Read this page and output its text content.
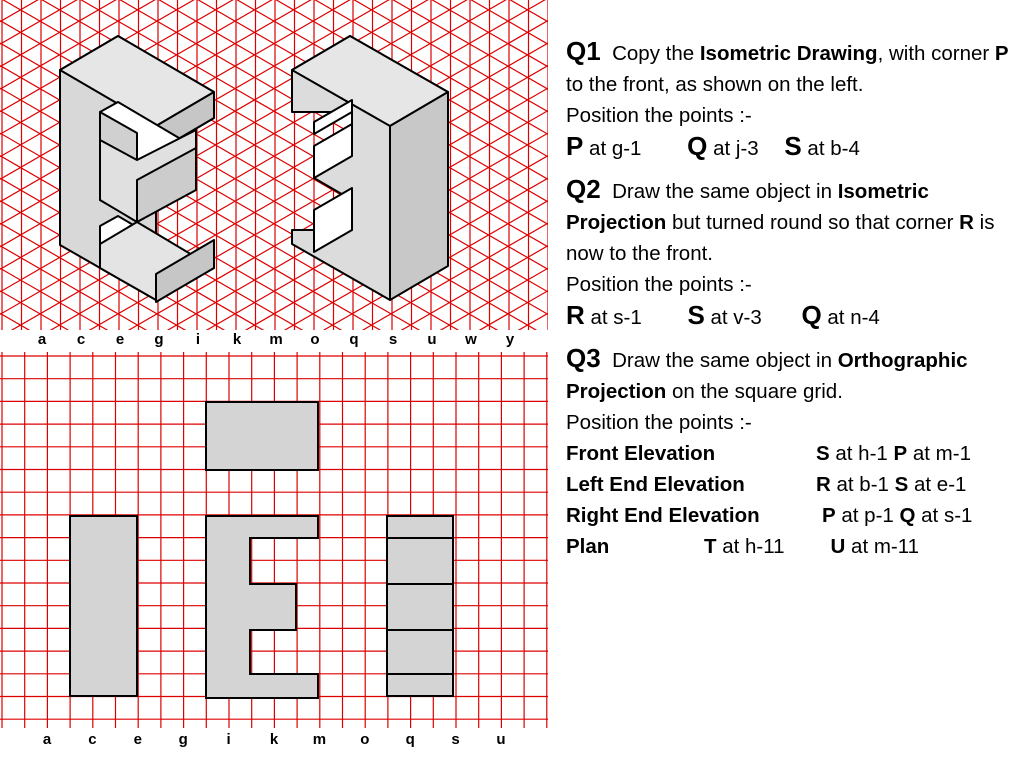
a c e g i k m o q s u w y
a c e g	i	k m o q s u

Q1 Copy the Isometric Drawing, with corner P to the front, as shown on the left.
Position the points :-
P at g-1 Q at j-3 S at b-4

Q2 Draw the same object in Isometric Projection but turned round so that corner R is now to the front.
Position the points :-
R at s-1 S at v-3 Q at n-4

Q3 Draw the same object in Orthographic Projection on the square grid.
Position the points :-
Front Elevation	S at h-1 P at m-1
Left End Elevation	R at b-1 S at e-1
Right End Elevation	P at p-1 Q at s-1
Plan	T at h-11 U at m-11
